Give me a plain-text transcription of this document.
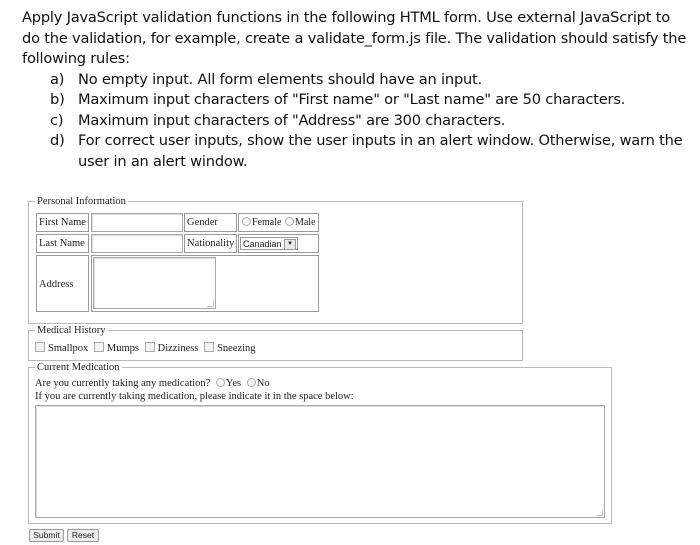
Apply JavaScript validation functions in the following HTML form. Use external JavaScript to do the validation, for example, create a validate_form.js file. The validation should satisfy the following rules:

a) No empty input. All form elements should have an input.
b) Maximum input characters of "First name" or "Last name" are 50 characters.
c) Maximum input characters of "Address" are 300 characters.
d) For correct user inputs, show the user inputs in an alert window. Otherwise, warn the user in an alert window.
Personal Information
First Name
Last Name
Gender	Female Male
Nationality Canadian ▼
Address
Medical History
Smallpox Mumps Dizziness Sneezing
Current Medication
Are you currently taking any medication? Yes No
If you are currently taking medication, please indicate it in the space below:
Submit	Reset
